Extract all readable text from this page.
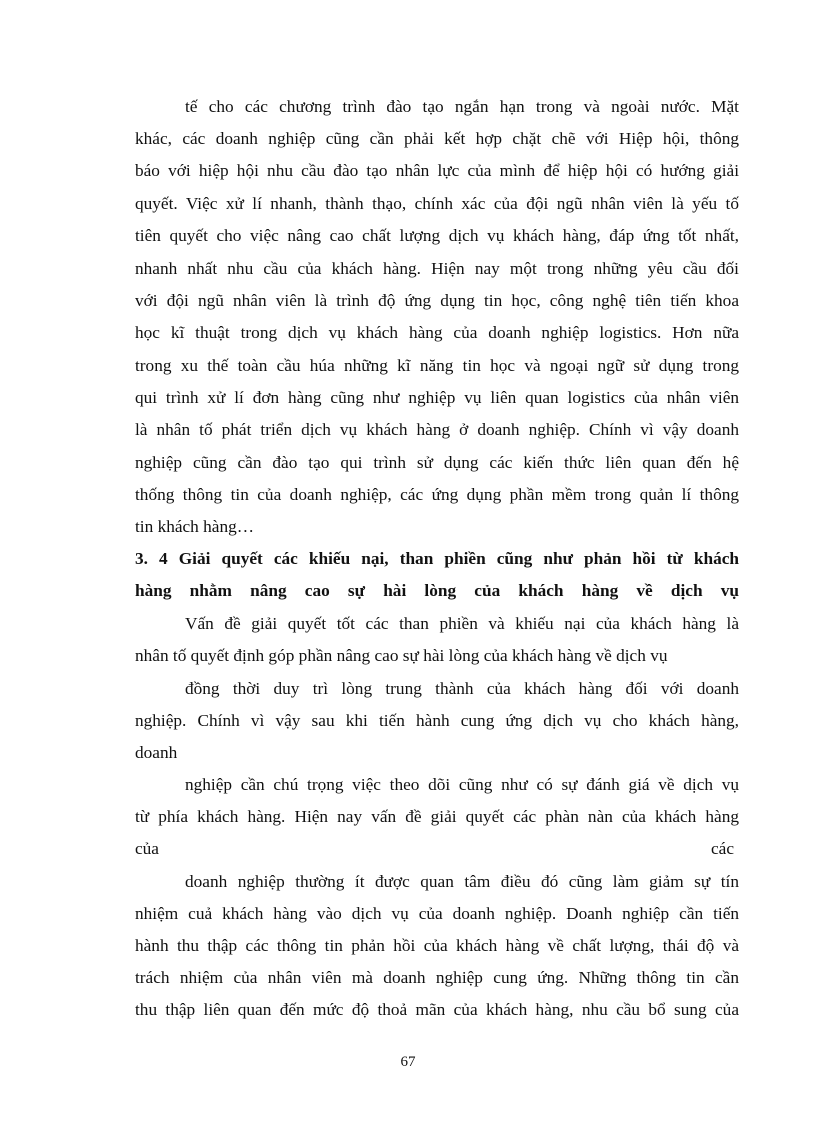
tế cho các chương trình đào tạo ngắn hạn trong và ngoài nước. Mặt
khác, các doanh nghiệp cũng cần phải kết hợp chặt chẽ với Hiệp hội, thông
báo với hiệp hội nhu cầu đào tạo nhân lực của mình để hiệp hội có hướng giải
quyết. Việc xử lí nhanh, thành thạo, chính xác của đội ngũ nhân viên là yếu tố
tiên quyết cho việc nâng cao chất lượng dịch vụ khách hàng, đáp ứng tốt nhất,
nhanh nhất nhu cầu của khách hàng. Hiện nay một trong những yêu cầu đối
với đội ngũ nhân viên là trình độ ứng dụng tin học, công nghệ tiên tiến khoa
học kĩ thuật trong dịch vụ khách hàng của doanh nghiệp logistics. Hơn nữa
trong xu thế toàn cầu húa những kĩ năng tin học và ngoại ngữ sử dụng trong
qui trình xử lí đơn hàng cũng như nghiệp vụ liên quan logistics của nhân viên
là nhân tố phát triển dịch vụ khách hàng ở doanh nghiệp. Chính vì vậy doanh
nghiệp cũng cần đào tạo qui trình sử dụng các kiến thức liên quan đến hệ
thống thông tin của doanh nghiệp, các ứng dụng phần mềm trong quản lí thông
tin khách hàng…
3. 4 Giải quyết các khiếu nại, than phiền cũng như phản hồi từ khách
hàng nhằm nâng cao sự hài lòng của khách hàng về dịch vụ
Vấn đề giải quyết tốt các than phiền và khiếu nại của khách hàng là
nhân tố quyết định góp phần nâng cao sự hài lòng của khách hàng về dịch vụ
đồng thời duy trì lòng trung thành của khách hàng đối với doanh
nghiệp. Chính vì vậy sau khi tiến hành cung ứng dịch vụ cho khách hàng,
doanh
nghiệp cần chú trọng việc theo dõi cũng như có sự đánh giá về dịch vụ
từ phía khách hàng. Hiện nay vấn đề giải quyết các phàn nàn của khách hàng
của	các
doanh nghiệp thường ít được quan tâm điều đó cũng làm giảm sự tín
nhiệm cuả khách hàng vào dịch vụ của doanh nghiệp. Doanh nghiệp cần tiến
hành thu thập các thông tin phản hồi của khách hàng về chất lượng, thái độ và
trách nhiệm của nhân viên mà doanh nghiệp cung ứng. Những thông tin cần
thu thập liên quan đến mức độ thoả mãn của khách hàng, nhu cầu bổ sung của
67
